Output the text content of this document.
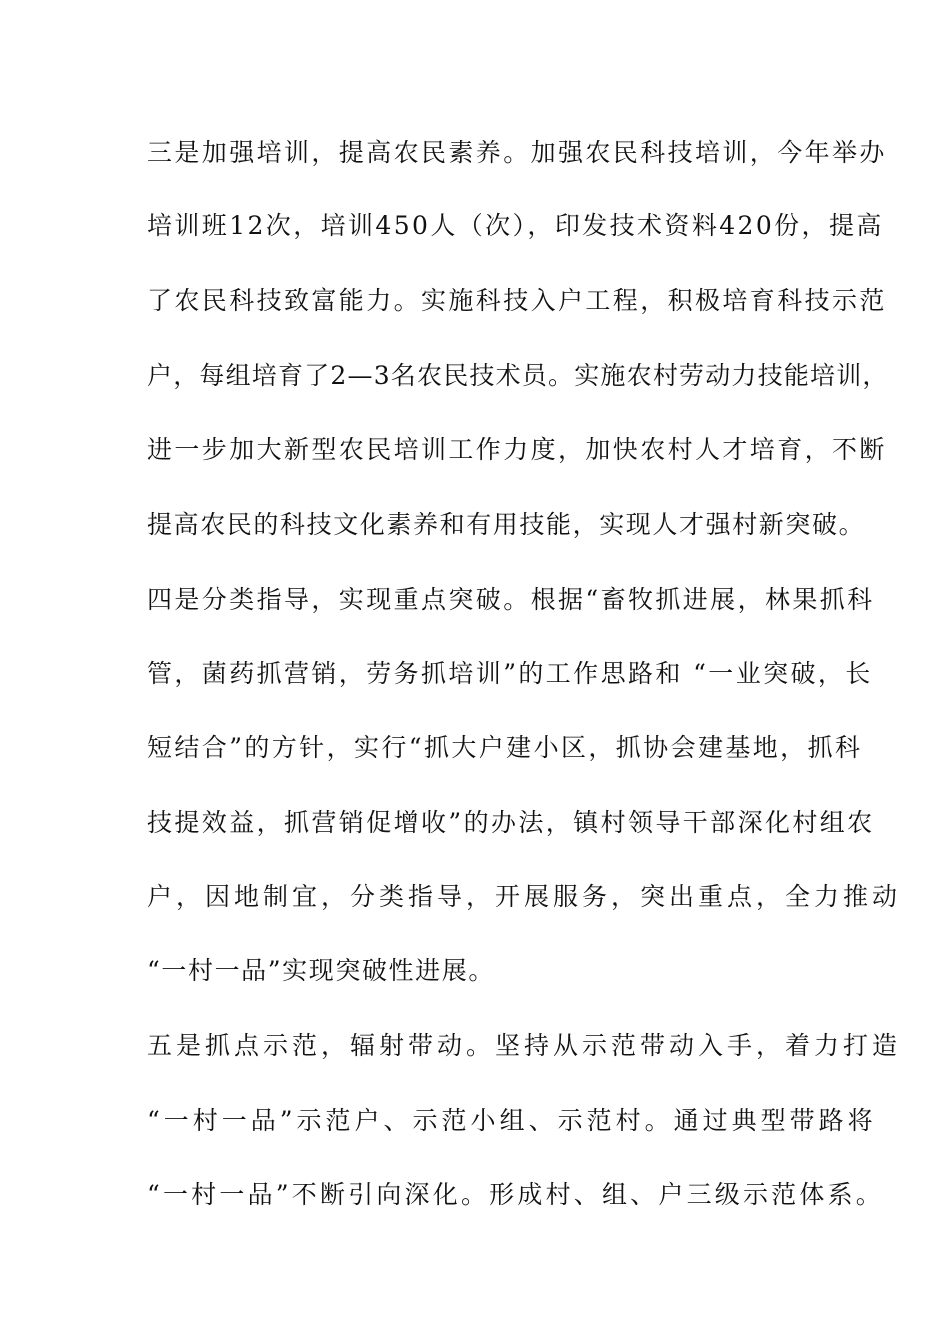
三是加强培训，提高农民素养。加强农民科技培训，今年举办
培训班12次，培训450人（次），印发技术资料420份，提高
了农民科技致富能力。实施科技入户工程，积极培育科技示范
户，每组培育了2—3名农民技术员。实施农村劳动力技能培训，
进一步加大新型农民培训工作力度，加快农村人才培育，不断
提高农民的科技文化素养和有用技能，实现人才强村新突破。
四是分类指导，实现重点突破。根据“畜牧抓进展，林果抓科
管，菌药抓营销，劳务抓培训”的工作思路和 “一业突破，长
短结合”的方针，实行“抓大户建小区，抓协会建基地，抓科
技提效益，抓营销促增收”的办法，镇村领导干部深化村组农
户，因地制宜，分类指导，开展服务，突出重点，全力推动
“一村一品”实现突破性进展。
五是抓点示范，辐射带动。坚持从示范带动入手，着力打造
“一村一品”示范户、示范小组、示范村。通过典型带路将
“一村一品”不断引向深化。形成村、组、户三级示范体系。
